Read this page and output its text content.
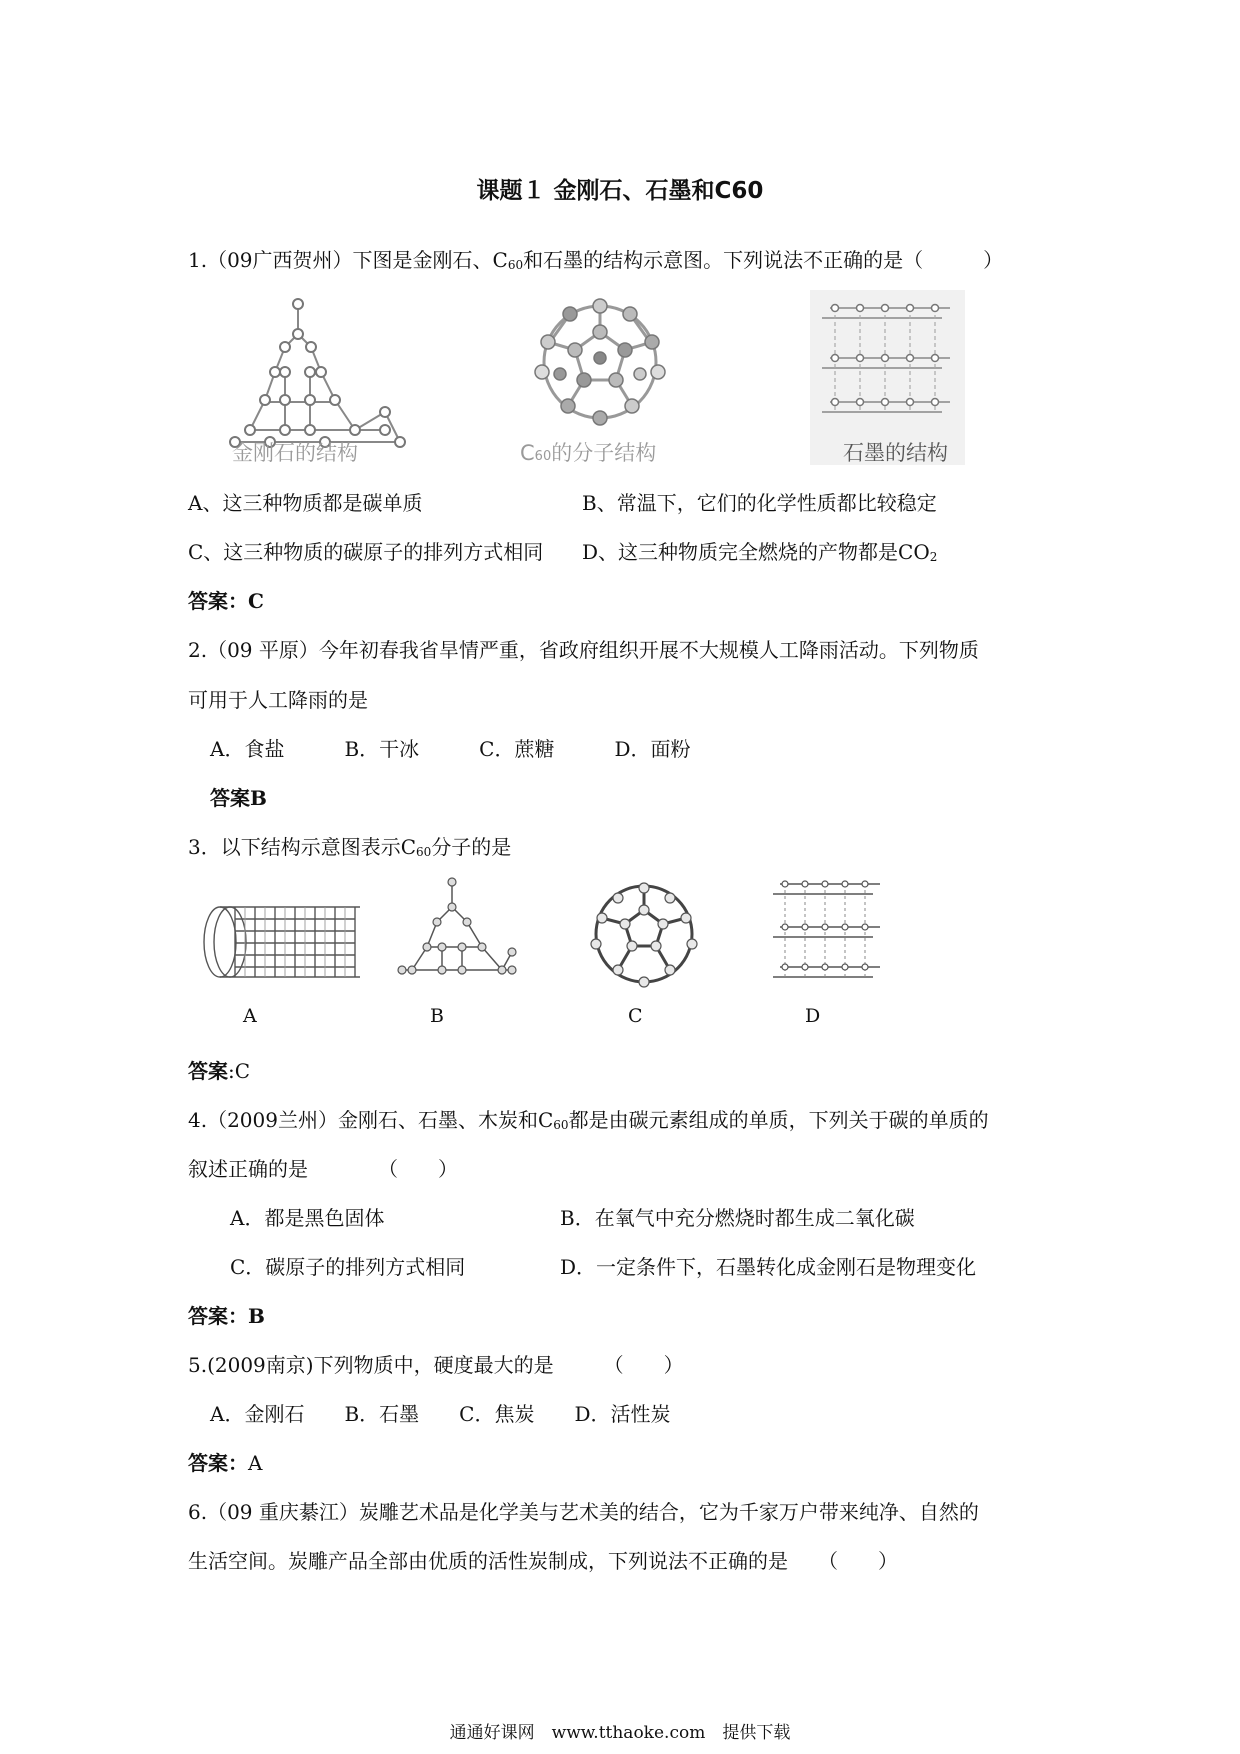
课题１ 金刚石、石墨和C60
1.（09广西贺州）下图是金刚石、C60和石墨的结构示意图。下列说法不正确的是（　　　）
金刚石的结构	C60的分子结构	石墨的结构
A、这三种物质都是碳单质	B、常温下，它们的化学性质都比较稳定
C、这三种物质的碳原子的排列方式相同 D、这三种物质完全燃烧的产物都是CO2
答案：C
2.（09 平原）今年初春我省旱情严重，省政府组织开展不大规模人工降雨活动。下列物质
可用于人工降雨的是
A．食盐　　　B．干冰　　　C．蔗糖　　　D．面粉
答案B
3．以下结构示意图表示C60分子的是
A	B	C	D
答案:C
4.（2009兰州）金刚石、石墨、木炭和C60都是由碳元素组成的单质，下列关于碳的单质的
叙述正确的是　　　　（　　）
A．都是黑色固体	B．在氧气中充分燃烧时都生成二氧化碳
C．碳原子的排列方式相同	D．一定条件下，石墨转化成金刚石是物理变化
答案：B
5.(2009南京)下列物质中，硬度最大的是　　　（　　）
A．金刚石　　B．石墨　　C．焦炭　　D．活性炭
答案：A
6.（09 重庆綦江）炭雕艺术品是化学美与艺术美的结合，它为千家万户带来纯净、自然的
生活空间。炭雕产品全部由优质的活性炭制成，下列说法不正确的是　　（　　）
通通好课网　www.tthaoke.com　提供下载
